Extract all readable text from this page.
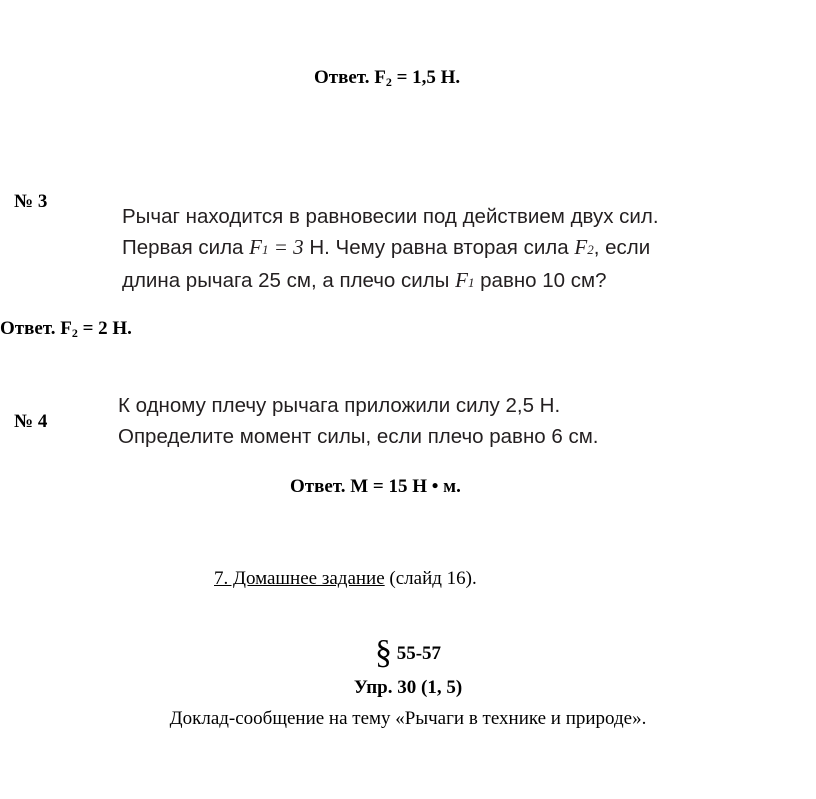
Ответ. $F_2 = 1,5$ Н.
№ 3
Рычаг находится в равновесии под действием двух сил.
Первая сила F1 = 3 Н. Чему равна вторая сила F2, если
длина рычага 25 см, а плечо силы F1 равно 10 см?
Ответ. $F_2 = 2$ Н.
№ 4
К одному плечу рычага приложили силу 2,5 Н.
Определите момент силы, если плечо равно 6 см.
Ответ. М = 15 Н • м.
7. Домашнее задание (слайд 16).
§ 55-57
Упр. 30 (1, 5)
Доклад-сообщение на тему «Рычаги в технике и природе».
